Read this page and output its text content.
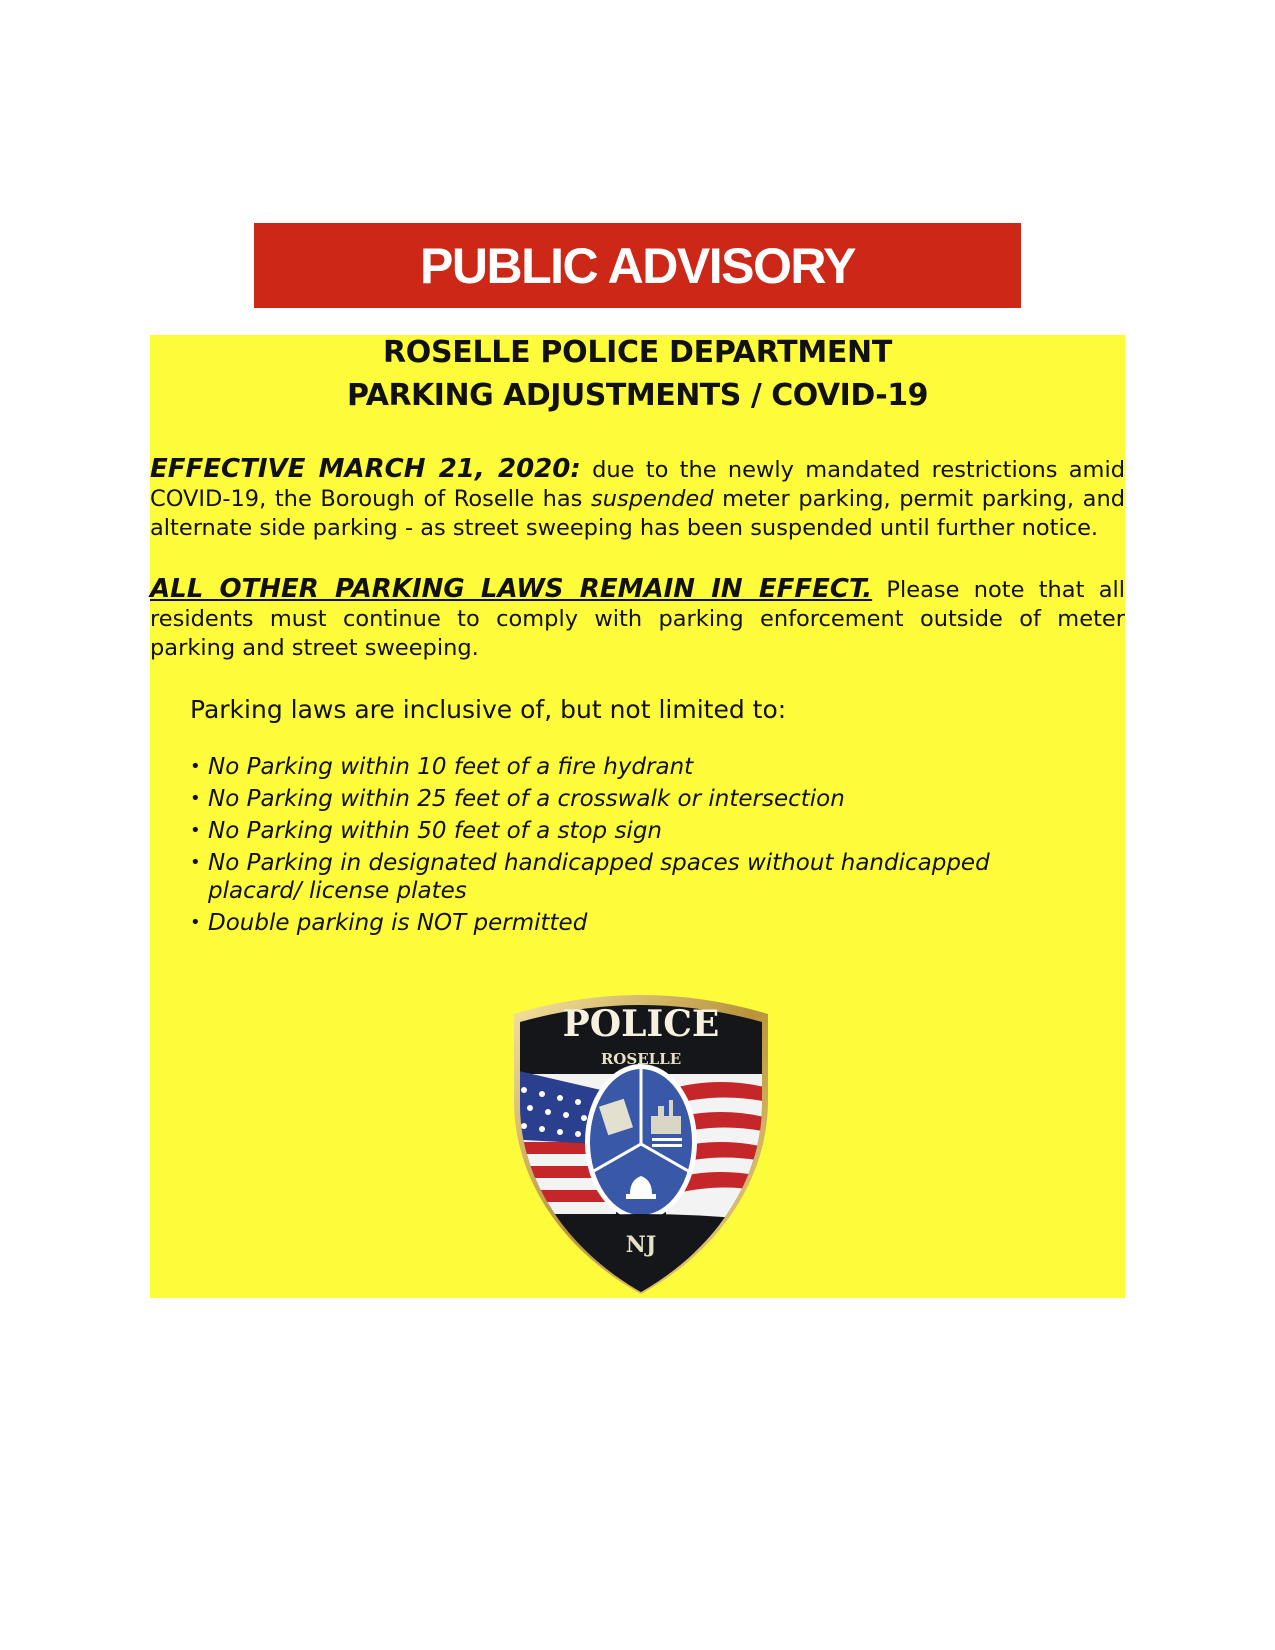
PUBLIC ADVISORY
ROSELLE POLICE DEPARTMENT
PARKING ADJUSTMENTS / COVID-19

EFFECTIVE MARCH 21, 2020: due to the newly mandated restrictions amid COVID-19, the Borough of Roselle has suspended meter parking, permit parking, and alternate side parking - as street sweeping has been suspended until further notice.

ALL OTHER PARKING LAWS REMAIN IN EFFECT. Please note that all residents must continue to comply with parking enforcement outside of meter parking and street sweeping.

Parking laws are inclusive of, but not limited to:
• No Parking within 10 feet of a fire hydrant
• No Parking within 25 feet of a crosswalk or intersection
• No Parking within 50 feet of a stop sign
• No Parking in designated handicapped spaces without handicapped placard/ license plates
• Double parking is NOT permitted
POLICE
ROSELLE
NJ
